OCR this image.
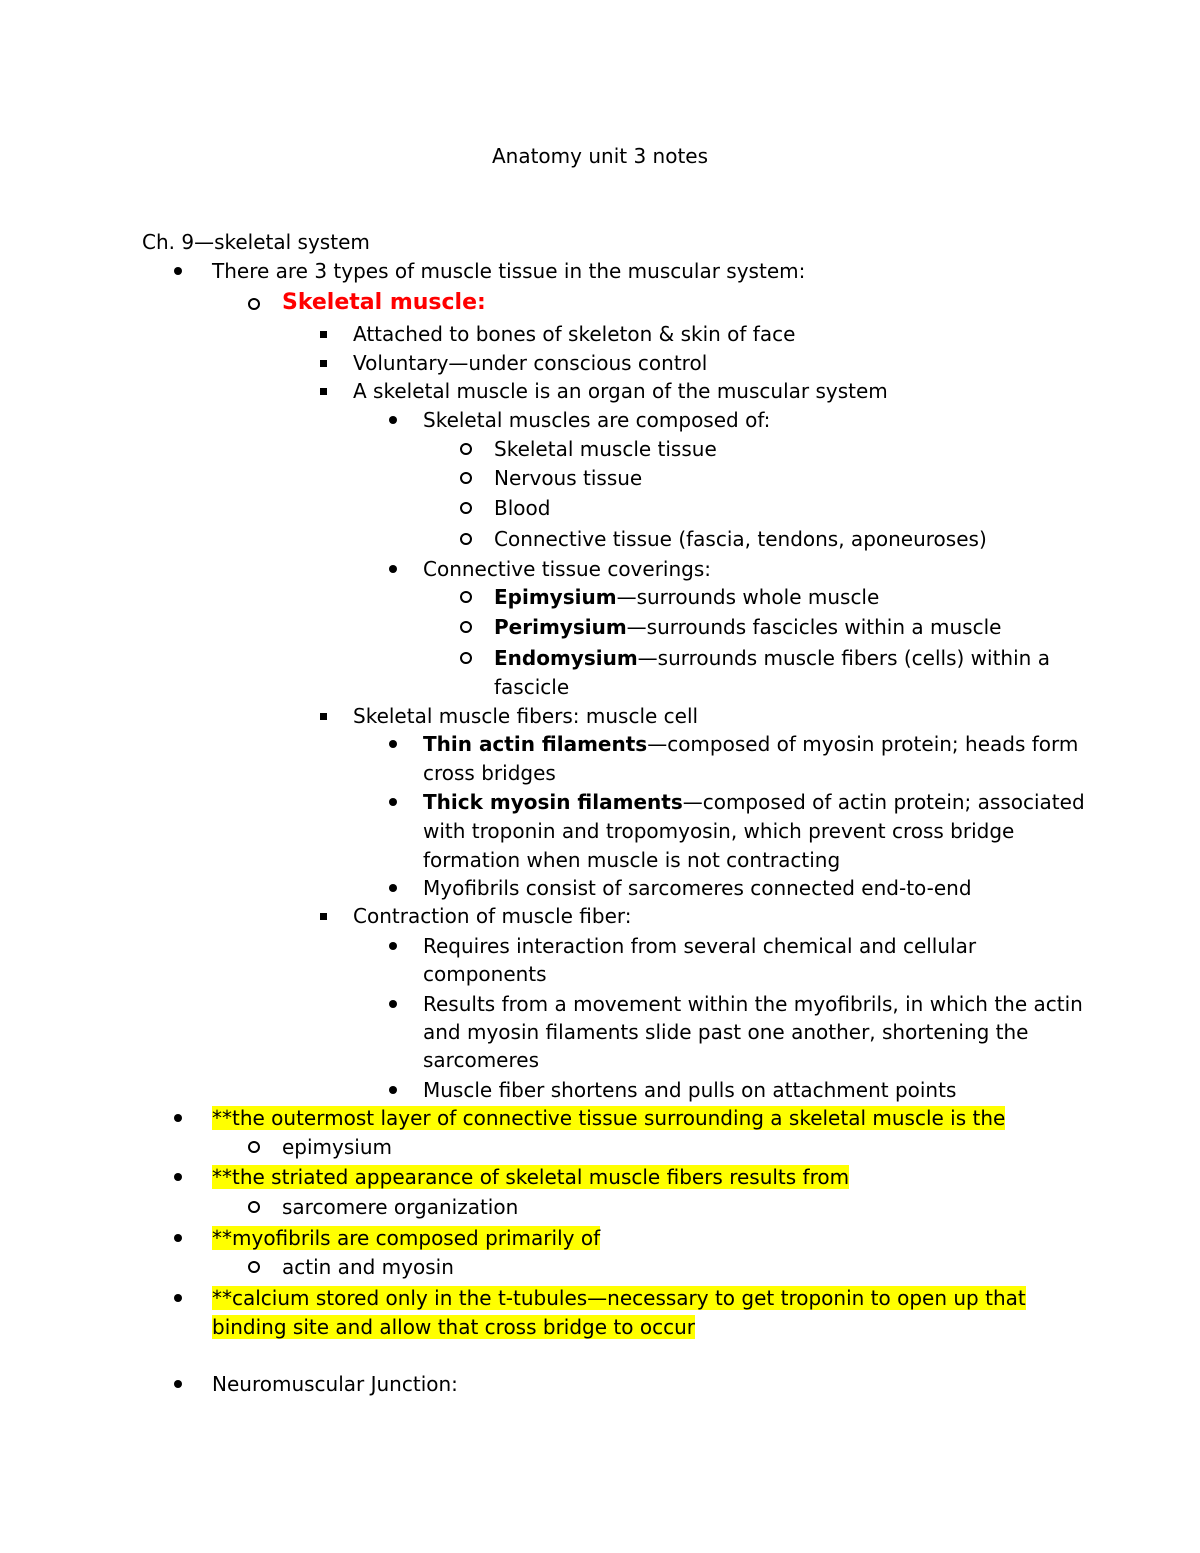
Anatomy unit 3 notes
Ch. 9—skeletal system
There are 3 types of muscle tissue in the muscular system:
Skeletal muscle:
Attached to bones of skeleton & skin of face
Voluntary—under conscious control
A skeletal muscle is an organ of the muscular system
Skeletal muscles are composed of:
Skeletal muscle tissue
Nervous tissue
Blood
Connective tissue (fascia, tendons, aponeuroses)
Connective tissue coverings:
Epimysium—surrounds whole muscle
Perimysium—surrounds fascicles within a muscle
Endomysium—surrounds muscle fibers (cells) within a
fascicle
Skeletal muscle fibers: muscle cell
Thin actin filaments—composed of myosin protein; heads form
cross bridges
Thick myosin filaments—composed of actin protein; associated
with troponin and tropomyosin, which prevent cross bridge
formation when muscle is not contracting
Myofibrils consist of sarcomeres connected end-to-end
Contraction of muscle fiber:
Requires interaction from several chemical and cellular
components
Results from a movement within the myofibrils, in which the actin
and myosin filaments slide past one another, shortening the
sarcomeres
Muscle fiber shortens and pulls on attachment points
**the outermost layer of connective tissue surrounding a skeletal muscle is the
epimysium
**the striated appearance of skeletal muscle fibers results from
sarcomere organization
**myofibrils are composed primarily of
actin and myosin
**calcium stored only in the t-tubules—necessary to get troponin to open up that
binding site and allow that cross bridge to occur
Neuromuscular Junction:
